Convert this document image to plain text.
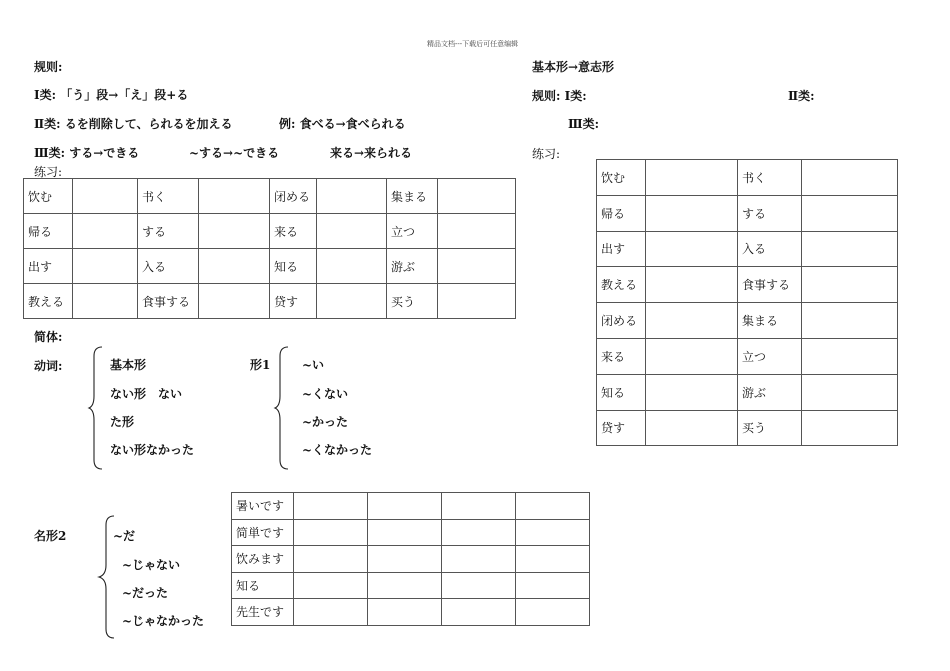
精品文档---下载后可任意编辑
规则:
Ⅰ类: 「う」段→「え」段+る
Ⅱ类: るを削除して、られるを加える	例: 食べる→食べられる
Ⅲ类: する→できる	~する→~できる	来る→来られる
练习:
饮む		书く		闭める		集まる	
帰る		する		来る		立つ	
出す		入る		知る		游ぶ	
教える		食事する		贷す		买う	
简体:
动词:	基本形
ない形　ない
た形
ない形なかった
形1	~い
~くない
~かった
~くなかった
名形2	~だ
~じゃない
~だった
~じゃなかった
暑いです				
简単です				
饮みます				
知る				
先生です				
基本形→意志形
规则: Ⅰ类:	Ⅱ类:
Ⅲ类:
练习:
饮む		书く	
帰る		する	
出す		入る	
教える		食事する	
闭める		集まる	
来る		立つ	
知る		游ぶ	
贷す		买う	
